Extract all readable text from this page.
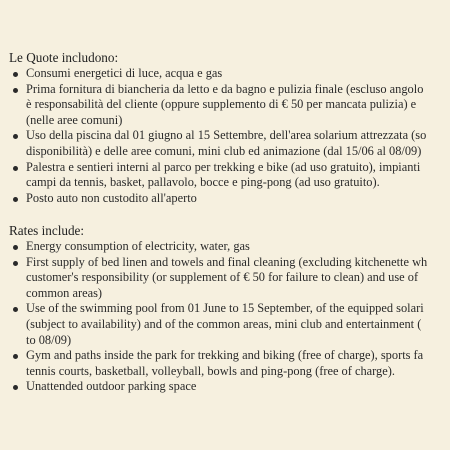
Le Quote includono:
Consumi energetici di luce, acqua e gas
Prima fornitura di biancheria da letto e da bagno e pulizia finale (escluso angolo
è responsabilità del cliente (oppure supplemento di € 50 per mancata pulizia) e
(nelle aree comuni)
Uso della piscina dal 01 giugno al 15 Settembre, dell'area solarium attrezzata (so
disponibilità) e delle aree comuni, mini club ed animazione (dal 15/06 al 08/09)
Palestra e sentieri interni al parco per trekking e bike (ad uso gratuito), impianti
campi da tennis, basket, pallavolo, bocce e ping-pong (ad uso gratuito).
Posto auto non custodito all'aperto
Rates include:
Energy consumption of electricity, water, gas
First supply of bed linen and towels and final cleaning (excluding kitchenette wh
customer's responsibility (or supplement of € 50 for failure to clean) and use of
common areas)
Use of the swimming pool from 01 June to 15 September, of the equipped solari
(subject to availability) and of the common areas, mini club and entertainment (
to 08/09)
Gym and paths inside the park for trekking and biking (free of charge), sports fa
tennis courts, basketball, volleyball, bowls and ping-pong (free of charge).
Unattended outdoor parking space
